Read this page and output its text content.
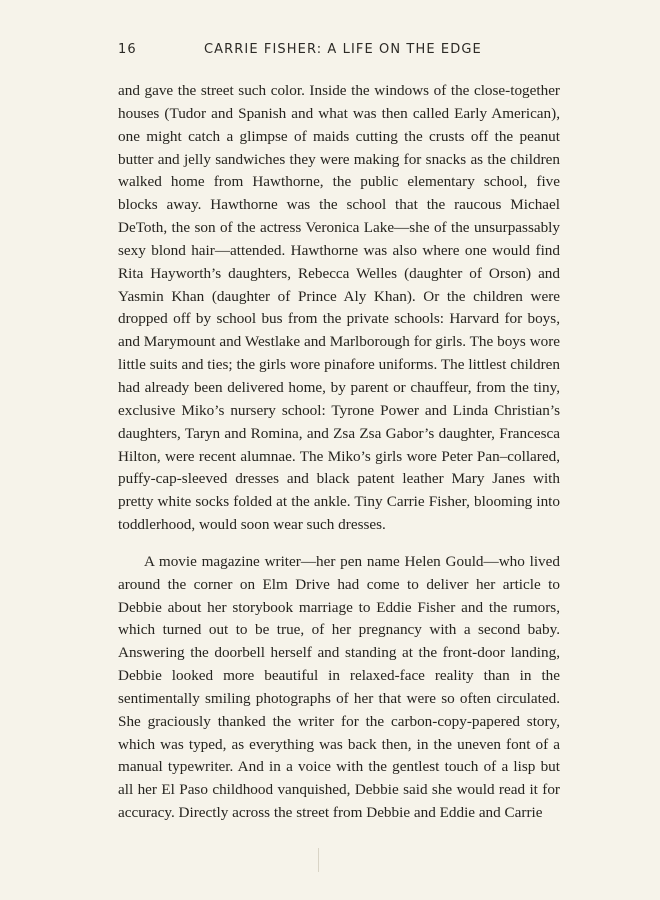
16	CARRIE FISHER: A LIFE ON THE EDGE

and gave the street such color. Inside the windows of the close-together houses (Tudor and Spanish and what was then called Early American), one might catch a glimpse of maids cutting the crusts off the peanut butter and jelly sandwiches they were making for snacks as the children walked home from Hawthorne, the public elementary school, five blocks away. Hawthorne was the school that the raucous Michael DeToth, the son of the actress Veronica Lake—she of the unsurpassably sexy blond hair—attended. Hawthorne was also where one would find Rita Hayworth’s daughters, Rebecca Welles (daughter of Orson) and Yasmin Khan (daughter of Prince Aly Khan). Or the children were dropped off by school bus from the private schools: Harvard for boys, and Marymount and Westlake and Marlborough for girls. The boys wore little suits and ties; the girls wore pinafore uniforms. The littlest children had already been delivered home, by parent or chauffeur, from the tiny, exclusive Miko’s nursery school: Tyrone Power and Linda Christian’s daughters, Taryn and Romina, and Zsa Zsa Gabor’s daughter, Francesca Hilton, were recent alumnae. The Miko’s girls wore Peter Pan–collared, puffy-cap-sleeved dresses and black patent leather Mary Janes with pretty white socks folded at the ankle. Tiny Carrie Fisher, blooming into toddlerhood, would soon wear such dresses.

A movie magazine writer—her pen name Helen Gould—who lived around the corner on Elm Drive had come to deliver her article to Debbie about her storybook marriage to Eddie Fisher and the rumors, which turned out to be true, of her pregnancy with a second baby. Answering the doorbell herself and standing at the front-door landing, Debbie looked more beautiful in relaxed-face reality than in the sentimentally smiling photographs of her that were so often circulated. She graciously thanked the writer for the carbon-copy-papered story, which was typed, as everything was back then, in the uneven font of a manual typewriter. And in a voice with the gentlest touch of a lisp but all her El Paso childhood vanquished, Debbie said she would read it for accuracy. Directly across the street from Debbie and Eddie and Carrie
